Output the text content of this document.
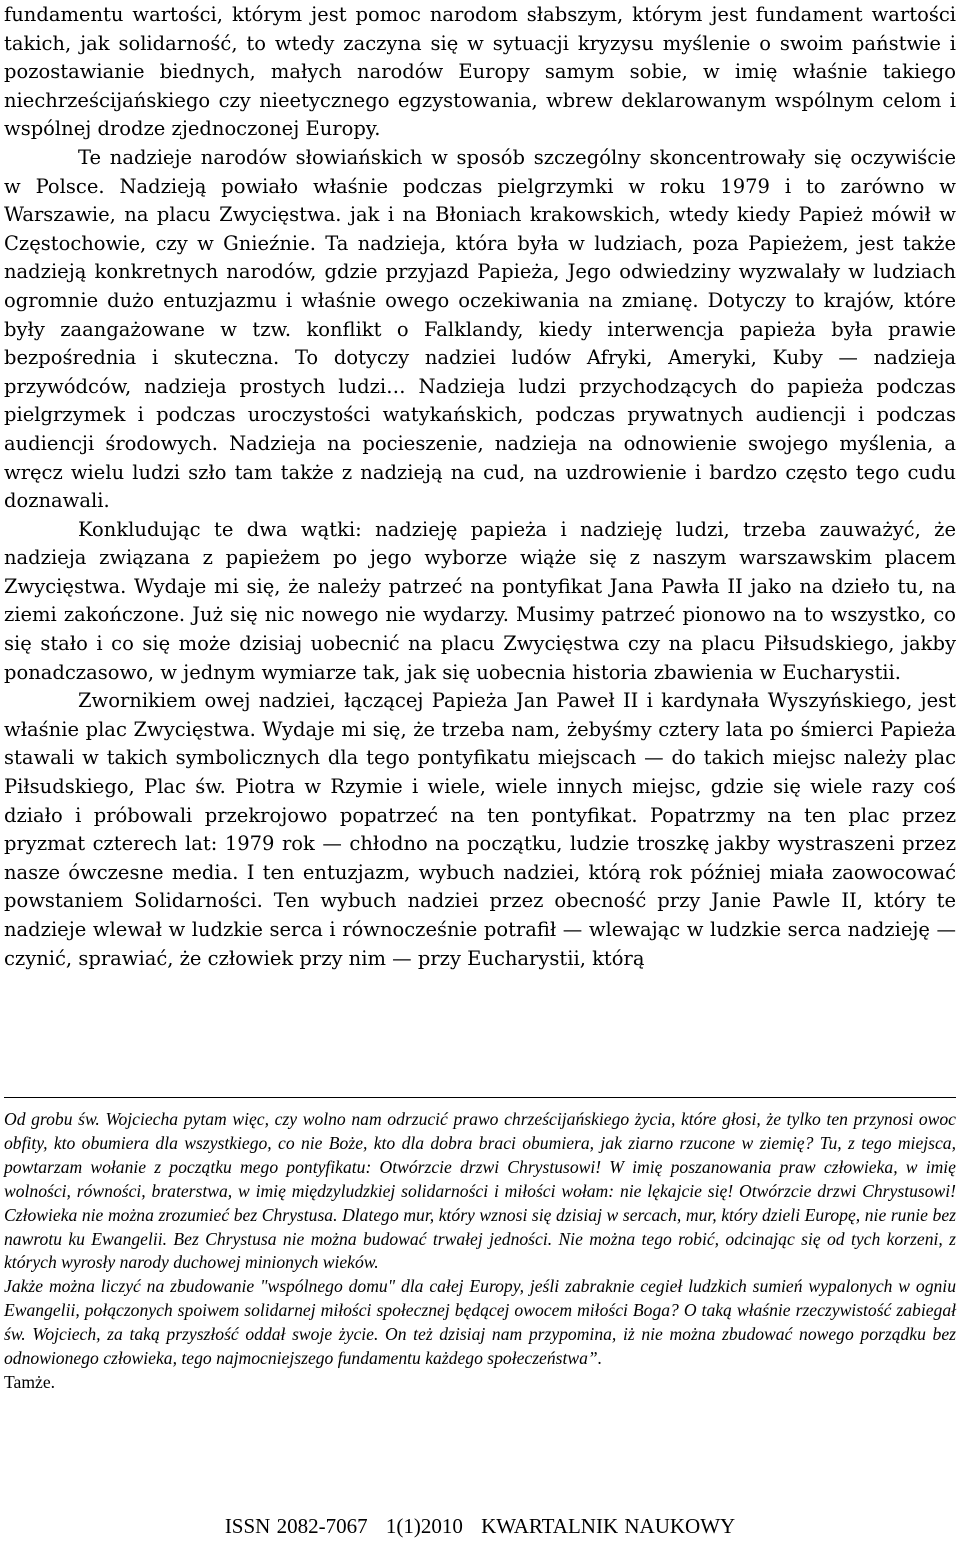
fundamentu wartości, którym jest pomoc narodom słabszym, którym jest fundament wartości takich, jak solidarność, to wtedy zaczyna się w sytuacji kryzysu myślenie o swoim państwie i pozostawianie biednych, małych narodów Europy samym sobie, w imię właśnie takiego niechrześcijańskiego czy nieetycznego egzystowania, wbrew deklarowanym wspólnym celom i wspólnej drodze zjednoczonej Europy.

Te nadzieje narodów słowiańskich w sposób szczególny skoncentrowały się oczywiście w Polsce. Nadzieją powiało właśnie podczas pielgrzymki w roku 1979 i to zarówno w Warszawie, na placu Zwycięstwa. jak i na Błoniach krakowskich, wtedy kiedy Papież mówił w Częstochowie, czy w Gnieźnie. Ta nadzieja, która była w ludziach, poza Papieżem, jest także nadzieją konkretnych narodów, gdzie przyjazd Papieża, Jego odwiedziny wyzwalały w ludziach ogromnie dużo entuzjazmu i właśnie owego oczekiwania na zmianę. Dotyczy to krajów, które były zaangażowane w tzw. konflikt o Falklandy, kiedy interwencja papieża była prawie bezpośrednia i skuteczna. To dotyczy nadziei ludów Afryki, Ameryki, Kuby — nadzieja przywódców, nadzieja prostych ludzi… Nadzieja ludzi przychodzących do papieża podczas pielgrzymek i podczas uroczystości watykańskich, podczas prywatnych audiencji i podczas audiencji środowych. Nadzieja na pocieszenie, nadzieja na odnowienie swojego myślenia, a wręcz wielu ludzi szło tam także z nadzieją na cud, na uzdrowienie i bardzo często tego cudu doznawali.

Konkludując te dwa wątki: nadzieję papieża i nadzieję ludzi, trzeba zauważyć, że nadzieja związana z papieżem po jego wyborze wiąże się z naszym warszawskim placem Zwycięstwa. Wydaje mi się, że należy patrzeć na pontyfikat Jana Pawła II jako na dzieło tu, na ziemi zakończone. Już się nic nowego nie wydarzy. Musimy patrzeć pionowo na to wszystko, co się stało i co się może dzisiaj uobecnić na placu Zwycięstwa czy na placu Piłsudskiego, jakby ponadczasowo, w jednym wymiarze tak, jak się uobecnia historia zbawienia w Eucharystii.

Zwornikiem owej nadziei, łączącej Papieża Jan Paweł II i kardynała Wyszyńskiego, jest właśnie plac Zwycięstwa. Wydaje mi się, że trzeba nam, żebyśmy cztery lata po śmierci Papieża stawali w takich symbolicznych dla tego pontyfikatu miejscach — do takich miejsc należy plac Piłsudskiego, Plac św. Piotra w Rzymie i wiele, wiele innych miejsc, gdzie się wiele razy coś działo i próbowali przekrojowo popatrzeć na ten pontyfikat. Popatrzmy na ten plac przez pryzmat czterech lat: 1979 rok — chłodno na początku, ludzie troszkę jakby wystraszeni przez nasze ówczesne media. I ten entuzjazm, wybuch nadziei, którą rok później miała zaowocować powstaniem Solidarności. Ten wybuch nadziei przez obecność przy Janie Pawle II, który te nadzieje wlewał w ludzkie serca i równocześnie potrafił — wlewając w ludzkie serca nadzieję — czynić, sprawiać, że człowiek przy nim — przy Eucharystii, którą

Od grobu św. Wojciecha pytam więc, czy wolno nam odrzucić prawo chrześcijańskiego życia, które głosi, że tylko ten przynosi owoc obfity, kto obumiera dla wszystkiego, co nie Boże, kto dla dobra braci obumiera, jak ziarno rzucone w ziemię? Tu, z tego miejsca, powtarzam wołanie z początku mego pontyfikatu: Otwórzcie drzwi Chrystusowi! W imię poszanowania praw człowieka, w imię wolności, równości, braterstwa, w imię międzyludzkiej solidarności i miłości wołam: nie lękajcie się! Otwórzcie drzwi Chrystusowi! Człowieka nie można zrozumieć bez Chrystusa. Dlatego mur, który wznosi się dzisiaj w sercach, mur, który dzieli Europę, nie runie bez nawrotu ku Ewangelii. Bez Chrystusa nie można budować trwałej jedności. Nie można tego robić, odcinając się od tych korzeni, z których wyrosły narody duchowej minionych wieków.

Jakże można liczyć na zbudowanie "wspólnego domu" dla całej Europy, jeśli zabraknie cegieł ludzkich sumień wypalonych w ogniu Ewangelii, połączonych spoiwem solidarnej miłości społecznej będącej owocem miłości Boga? O taką właśnie rzeczywistość zabiegał św. Wojciech, za taką przyszłość oddał swoje życie. On też dzisiaj nam przypomina, iż nie można zbudować nowego porządku bez odnowionego człowieka, tego najmocniejszego fundamentu każdego społeczeństwa”.

Tamże.

ISSN 2082-7067 1(1)2010 KWARTALNIK NAUKOWY
